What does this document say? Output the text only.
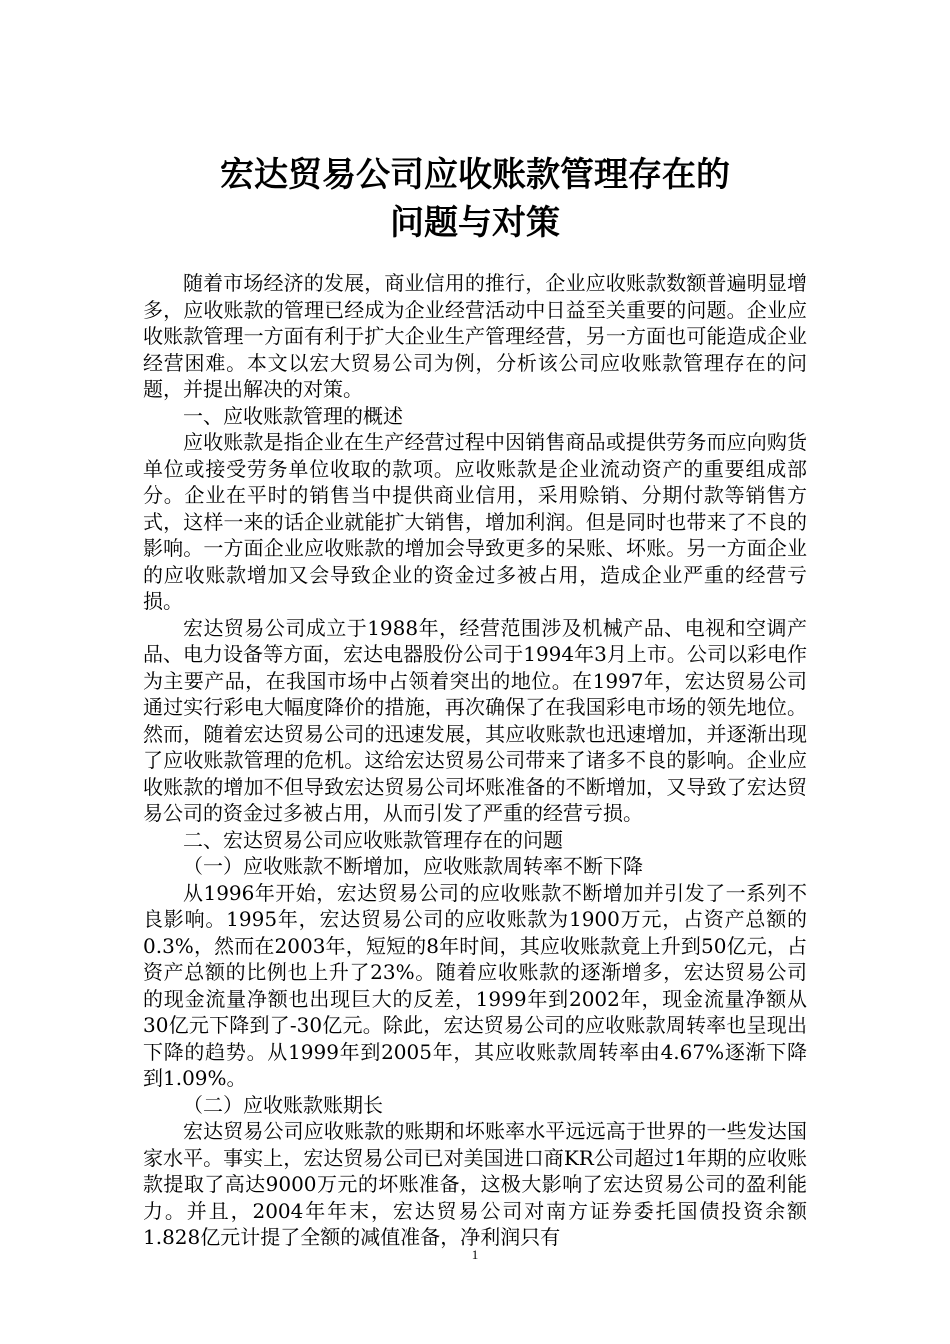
宏达贸易公司应收账款管理存在的
问题与对策

随着市场经济的发展，商业信用的推行，企业应收账款数额普遍明显增多，应收账款的管理已经成为企业经营活动中日益至关重要的问题。企业应收账款管理一方面有利于扩大企业生产管理经营，另一方面也可能造成企业经营困难。本文以宏大贸易公司为例，分析该公司应收账款管理存在的问题，并提出解决的对策。

一、应收账款管理的概述

应收账款是指企业在生产经营过程中因销售商品或提供劳务而应向购货单位或接受劳务单位收取的款项。应收账款是企业流动资产的重要组成部分。企业在平时的销售当中提供商业信用，采用赊销、分期付款等销售方式，这样一来的话企业就能扩大销售，增加利润。但是同时也带来了不良的影响。一方面企业应收账款的增加会导致更多的呆账、坏账。另一方面企业的应收账款增加又会导致企业的资金过多被占用，造成企业严重的经营亏损。

宏达贸易公司成立于1988年，经营范围涉及机械产品、电视和空调产品、电力设备等方面，宏达电器股份公司于1994年3月上市。公司以彩电作为主要产品，在我国市场中占领着突出的地位。在1997年，宏达贸易公司通过实行彩电大幅度降价的措施，再次确保了在我国彩电市场的领先地位。然而，随着宏达贸易公司的迅速发展，其应收账款也迅速增加，并逐渐出现了应收账款管理的危机。这给宏达贸易公司带来了诸多不良的影响。企业应收账款的增加不但导致宏达贸易公司坏账准备的不断增加，又导致了宏达贸易公司的资金过多被占用，从而引发了严重的经营亏损。

二、宏达贸易公司应收账款管理存在的问题

（一）应收账款不断增加，应收账款周转率不断下降

从1996年开始，宏达贸易公司的应收账款不断增加并引发了一系列不良影响。1995年，宏达贸易公司的应收账款为1900万元，占资产总额的0.3%，然而在2003年，短短的8年时间，其应收账款竟上升到50亿元，占资产总额的比例也上升了23%。随着应收账款的逐渐增多，宏达贸易公司的现金流量净额也出现巨大的反差，1999年到2002年，现金流量净额从30亿元下降到了-30亿元。除此，宏达贸易公司的应收账款周转率也呈现出下降的趋势。从1999年到2005年，其应收账款周转率由4.67%逐渐下降到1.09%。

（二）应收账款账期长

宏达贸易公司应收账款的账期和坏账率水平远远高于世界的一些发达国家水平。事实上，宏达贸易公司已对美国进口商KR公司超过1年期的应收账款提取了高达9000万元的坏账准备，这极大影响了宏达贸易公司的盈利能力。并且，2004年年末，宏达贸易公司对南方证券委托国债投资余额1.828亿元计提了全额的减值准备，净利润只有

1
